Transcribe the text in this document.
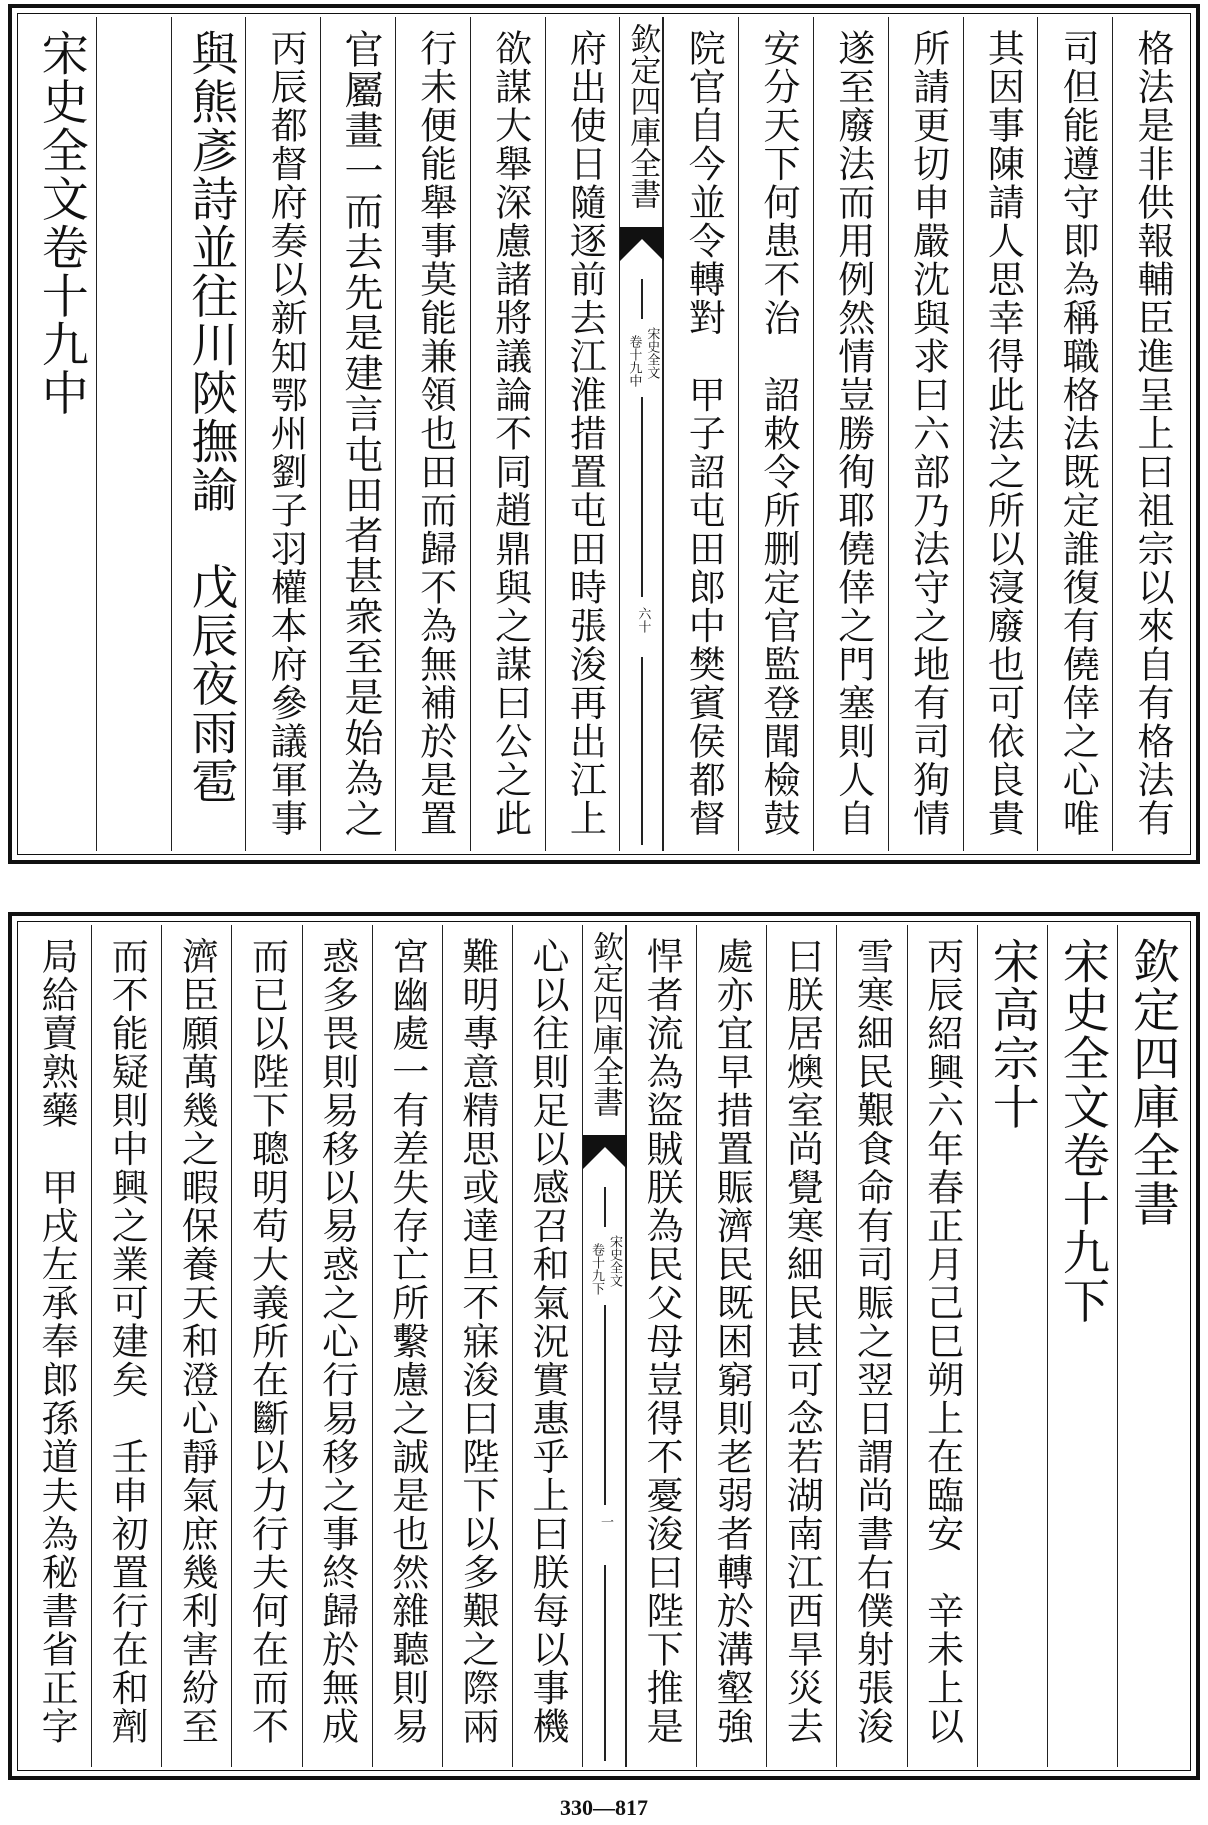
格法是非供報輔臣進呈上曰祖宗以來自有格法有
司但能遵守即為稱職格法既定誰復有僥倖之心唯
其因事陳請人思幸得此法之所以寖廢也可依良貴
所請更切申嚴沈與求曰六部乃法守之地有司狥情
遂至廢法而用例然情豈勝徇耶僥倖之門塞則人自
安分天下何患不治　詔敕令所删定官監登聞檢鼓
院官自今並令轉對　甲子詔屯田郎中樊賓侯都督
欽定四庫全書
宋史全文
卷十九中
六十
府出使日隨逐前去江淮措置屯田時張浚再出江上
欲謀大舉深慮諸將議論不同趙鼎與之謀曰公之此
行未便能舉事莫能兼領也田而歸不為無補於是置
官屬畫一而去先是建言屯田者甚衆至是始為之
丙辰都督府奏以新知鄂州劉子羽權本府參議軍事
與熊彥詩並往川陝撫諭　戊辰夜雨雹
宋史全文卷十九中
欽定四庫全書
宋史全文卷十九下
宋高宗十
丙辰紹興六年春正月己巳朔上在臨安　辛未上以
雪寒細民艱食命有司賑之翌日謂尚書右僕射張浚
曰朕居燠室尚覺寒細民甚可念若湖南江西旱災去
處亦宜早措置賑濟民既困窮則老弱者轉於溝壑強
悍者流為盜賊朕為民父母豈得不憂浚曰陛下推是
欽定四庫全書
宋史全文
卷十九下
一
心以往則足以感召和氣況實惠乎上曰朕每以事機
難明專意精思或達旦不寐浚曰陛下以多艱之際兩
宮幽處一有差失存亡所繫慮之誠是也然雜聽則易
惑多畏則易移以易惑之心行易移之事終歸於無成
而已以陛下聰明苟大義所在斷以力行夫何在而不
濟臣願萬幾之暇保養天和澄心靜氣庶幾利害紛至
而不能疑則中興之業可建矣　壬申初置行在和劑
局給賣熟藥　甲戌左承奉郎孫道夫為秘書省正字
330—817
